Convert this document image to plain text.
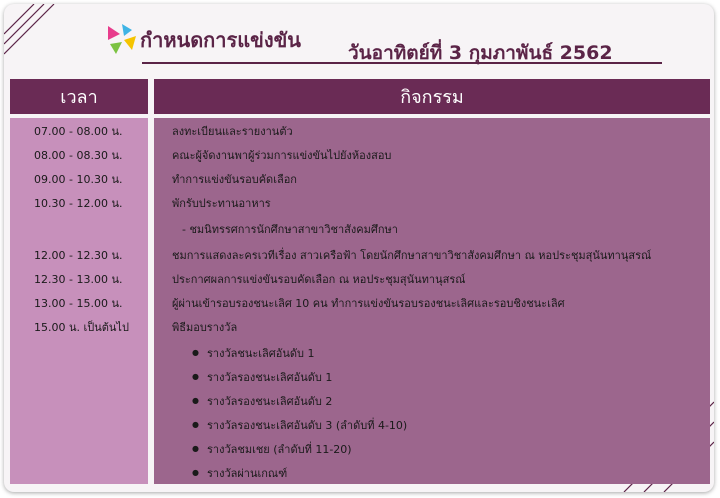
กำหนดการแข่งขัน
วันอาทิตย์ที่ 3 กุมภาพันธ์ 2562
เวลา	กิจกรรม
07.00 - 08.00 น.
08.00 - 08.30 น.
09.00 - 10.30 น.
10.30 - 12.00 น.
12.00 - 12.30 น.
12.30 - 13.00 น.
13.00 - 15.00 น.
15.00 น. เป็นต้นไป
ลงทะเบียนและรายงานตัว
คณะผู้จัดงานพาผู้ร่วมการแข่งขันไปยังห้องสอบ
ทำการแข่งขันรอบคัดเลือก
พักรับประทานอาหาร
- ชมนิทรรศการนักศึกษาสาขาวิชาสังคมศึกษา
ชมการแสดงละครเวทีเรื่อง สาวเครือฟ้า โดยนักศึกษาสาขาวิชาสังคมศึกษา ณ หอประชุมสุนันทานุสรณ์
ประกาศผลการแข่งขันรอบคัดเลือก ณ หอประชุมสุนันทานุสรณ์
ผู้ผ่านเข้ารอบรองชนะเลิศ 10 คน ทำการแข่งขันรอบรองชนะเลิศและรอบชิงชนะเลิศ
พิธีมอบรางวัล
● รางวัลชนะเลิศอันดับ 1
● รางวัลรองชนะเลิศอันดับ 1
● รางวัลรองชนะเลิศอันดับ 2
● รางวัลรองชนะเลิศอันดับ 3 (ลำดับที่ 4-10)
● รางวัลชมเชย (ลำดับที่ 11-20)
● รางวัลผ่านเกณฑ์
